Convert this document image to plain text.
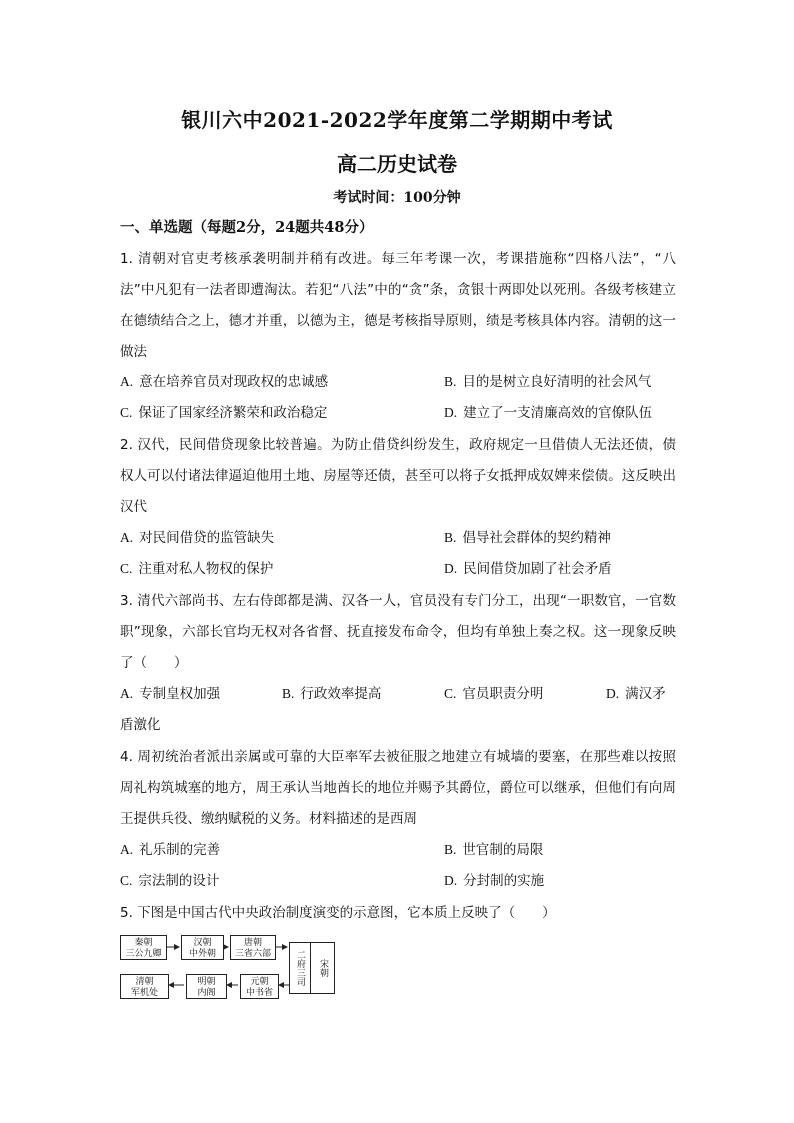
银川六中2021-2022学年度第二学期期中考试
高二历史试卷
考试时间：100分钟
一、单选题（每题2分，24题共48分）
1. 清朝对官吏考核承袭明制并稍有改进。每三年考课一次，考课措施称“四格八法”，“八法”中凡犯有一法者即遭淘汰。若犯“八法”中的“贪”条，贪银十两即处以死刑。各级考核建立在德绩结合之上，德才并重，以德为主，德是考核指导原则，绩是考核具体内容。清朝的这一做法
A. 意在培养官员对现政权的忠诚感	B. 目的是树立良好清明的社会风气
C. 保证了国家经济繁荣和政治稳定	D. 建立了一支清廉高效的官僚队伍
2. 汉代，民间借贷现象比较普遍。为防止借贷纠纷发生，政府规定一旦借债人无法还债，债权人可以付诸法律逼迫他用土地、房屋等还债，甚至可以将子女抵押成奴婢来偿债。这反映出汉代
A. 对民间借贷的监管缺失	B. 倡导社会群体的契约精神
C. 注重对私人物权的保护	D. 民间借贷加剧了社会矛盾
3. 清代六部尚书、左右侍郎都是满、汉各一人，官员没有专门分工，出现“一职数官，一官数职”现象，六部长官均无权对各省督、抚直接发布命令，但均有单独上奏之权。这一现象反映了（　　）
A. 专制皇权加强	B. 行政效率提高	C. 官员职责分明	D. 满汉矛
盾激化
4. 周初统治者派出亲属或可靠的大臣率军去被征服之地建立有城墙的要塞，在那些难以按照周礼构筑城塞的地方，周王承认当地酋长的地位并赐予其爵位，爵位可以继承，但他们有向周王提供兵役、缴纳赋税的义务。材料描述的是西周
A. 礼乐制的完善	B. 世官制的局限
C. 宗法制的设计	D. 分封制的实施
5. 下图是中国古代中央政治制度演变的示意图，它本质上反映了（　　）
秦朝
三公九卿
汉朝
中外朝
唐朝
三省六部	二府三司	宋朝
元朝
中书省
明朝
内阁
清朝
军机处
